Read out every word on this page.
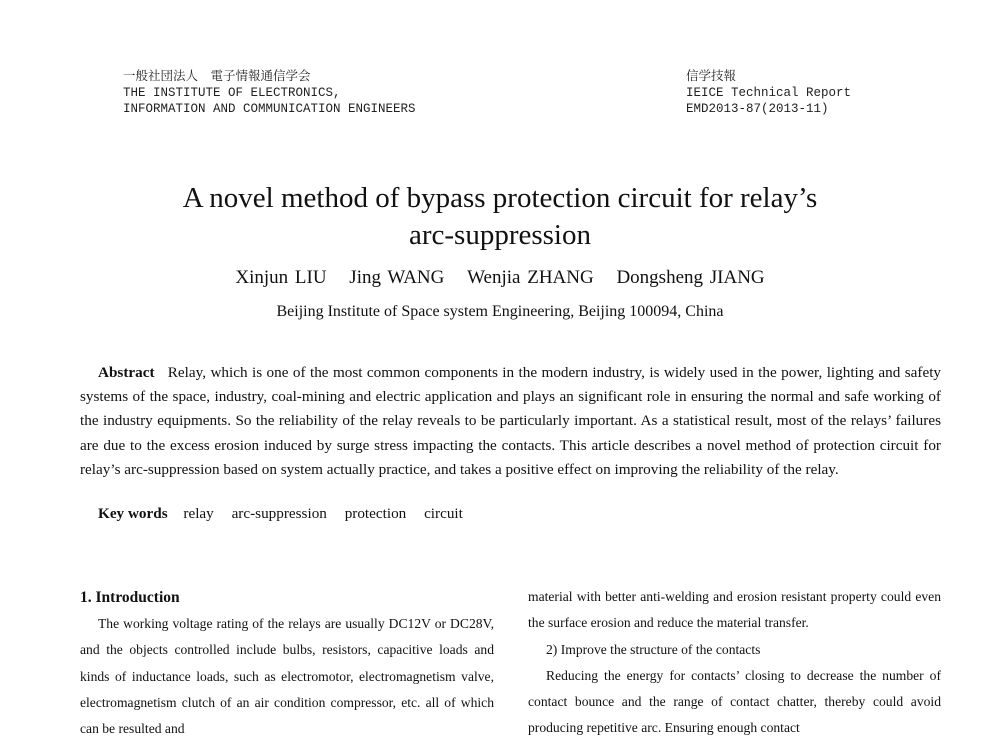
一般社団法人　電子情報通信学会
THE INSTITUTE OF ELECTRONICS,
INFORMATION AND COMMUNICATION ENGINEERS
信学技報
IEICE Technical Report
EMD2013-87(2013-11)
A novel method of bypass protection circuit for relay’s
arc-suppression
Xinjun LIU Jing WANG Wenjia ZHANG Dongsheng JIANG
Beijing Institute of Space system Engineering, Beijing 100094, China

Abstract Relay, which is one of the most common components in the modern industry, is widely used in the power, lighting and safety systems of the space, industry, coal-mining and electric application and plays an significant role in ensuring the normal and safe working of the industry equipments. So the reliability of the relay reveals to be particularly important. As a statistical result, most of the relays’ failures are due to the excess erosion induced by surge stress impacting the contacts. This article describes a novel method of protection circuit for relay’s arc-suppression based on system actually practice, and takes a positive effect on improving the reliability of the relay.

Key words relay arc-suppression protection circuit
1. Introduction

The working voltage rating of the relays are usually DC12V or DC28V, and the objects controlled include bulbs, resistors, capacitive loads and kinds of inductance loads, such as electromotor, electromagnetism valve, electromagnetism clutch of an air condition compressor, etc. all of which can be resulted and

material with better anti-welding and erosion resistant property could even the surface erosion and reduce the material transfer.

2) Improve the structure of the contacts

Reducing the energy for contacts’ closing to decrease the number of contact bounce and the range of contact chatter, thereby could avoid producing repetitive arc. Ensuring enough contact
